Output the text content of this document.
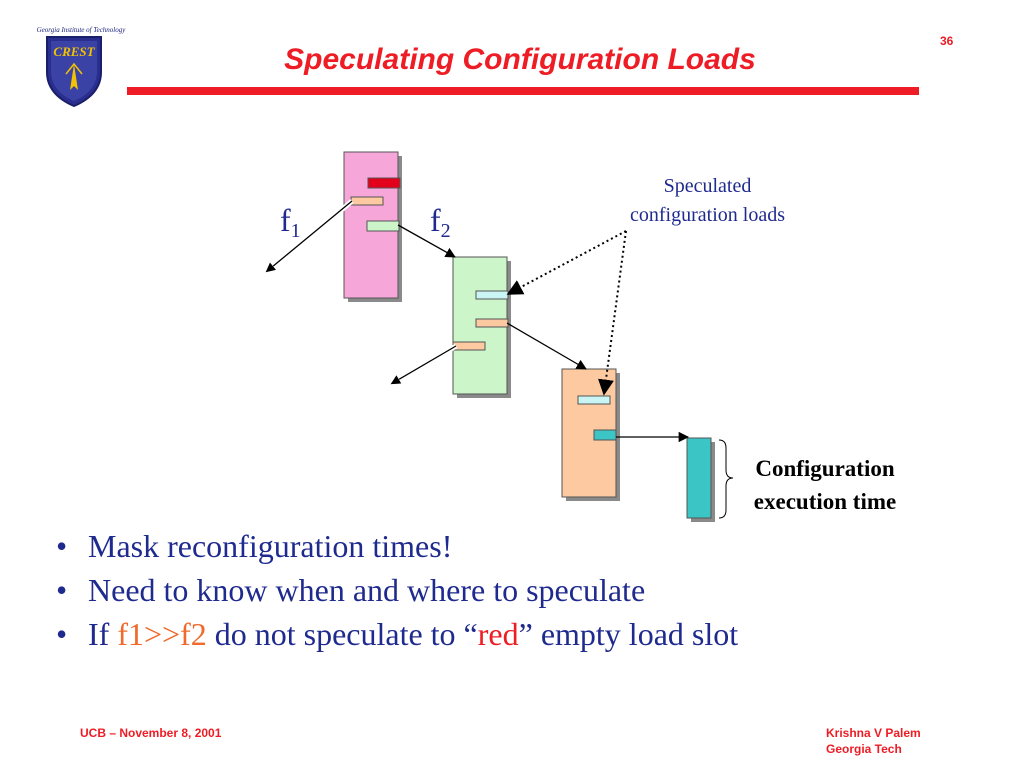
Georgia Institute of Technology
CREST	Speculating Configuration Loads
36
$f_1$	$f_2$
Speculated
configuration loads
Configuration
execution time
• Mask reconfiguration times!
• Need to know when and where to speculate
• If f1>>f2 do not speculate to “red” empty load slot
UCB – November 8, 2001	Krishna V Palem
Georgia Tech
